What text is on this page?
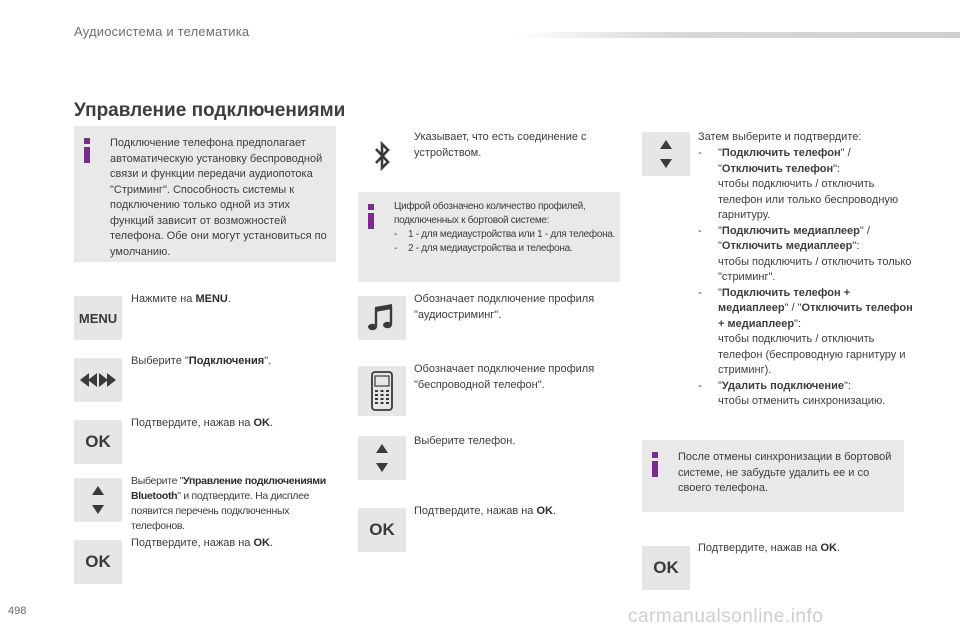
Аудиосистема и телематика
Управление подключениями
Подключение телефона предполагает автоматическую установку беспроводной связи и функции передачи аудиопотока "Стриминг". Способность системы к подключению только одной из этих функций зависит от возможностей телефона. Обе они могут установиться по умолчанию.
MENU
Нажмите на MENU.
Выберите "Подключения".
OK
Подтвердите, нажав на OK.
Выберите "Управление подключениями Bluetooth" и подтвердите. На дисплее появится перечень подключенных телефонов.
OK
Подтвердите, нажав на OK.
Указывает, что есть соединение с устройством.
Цифрой обозначено количество профилей, подключенных к бортовой системе:
- 1 - для медиаустройства или 1 - для телефона.
- 2 - для медиаустройства и телефона.
Обозначает подключение профиля "аудиостриминг".
Обозначает подключение профиля "беспроводной телефон".
Выберите телефон.
OK
Подтвердите, нажав на OK.
Затем выберите и подтвердите:
- "Подключить телефон" / "Отключить телефон":
чтобы подключить / отключить телефон или только беспроводную гарнитуру.
- "Подключить медиаплеер" / "Отключить медиаплеер":
чтобы подключить / отключить только "стриминг".
- "Подключить телефон + медиаплеер" / "Отключить телефон + медиаплеер":
чтобы подключить / отключить телефон (беспроводную гарнитуру и стриминг).
- "Удалить подключение":
чтобы отменить синхронизацию.
После отмены синхронизации в бортовой системе, не забудьте удалить ее и со своего телефона.
OK
Подтвердите, нажав на OK.
498	carmanualsonline.info
